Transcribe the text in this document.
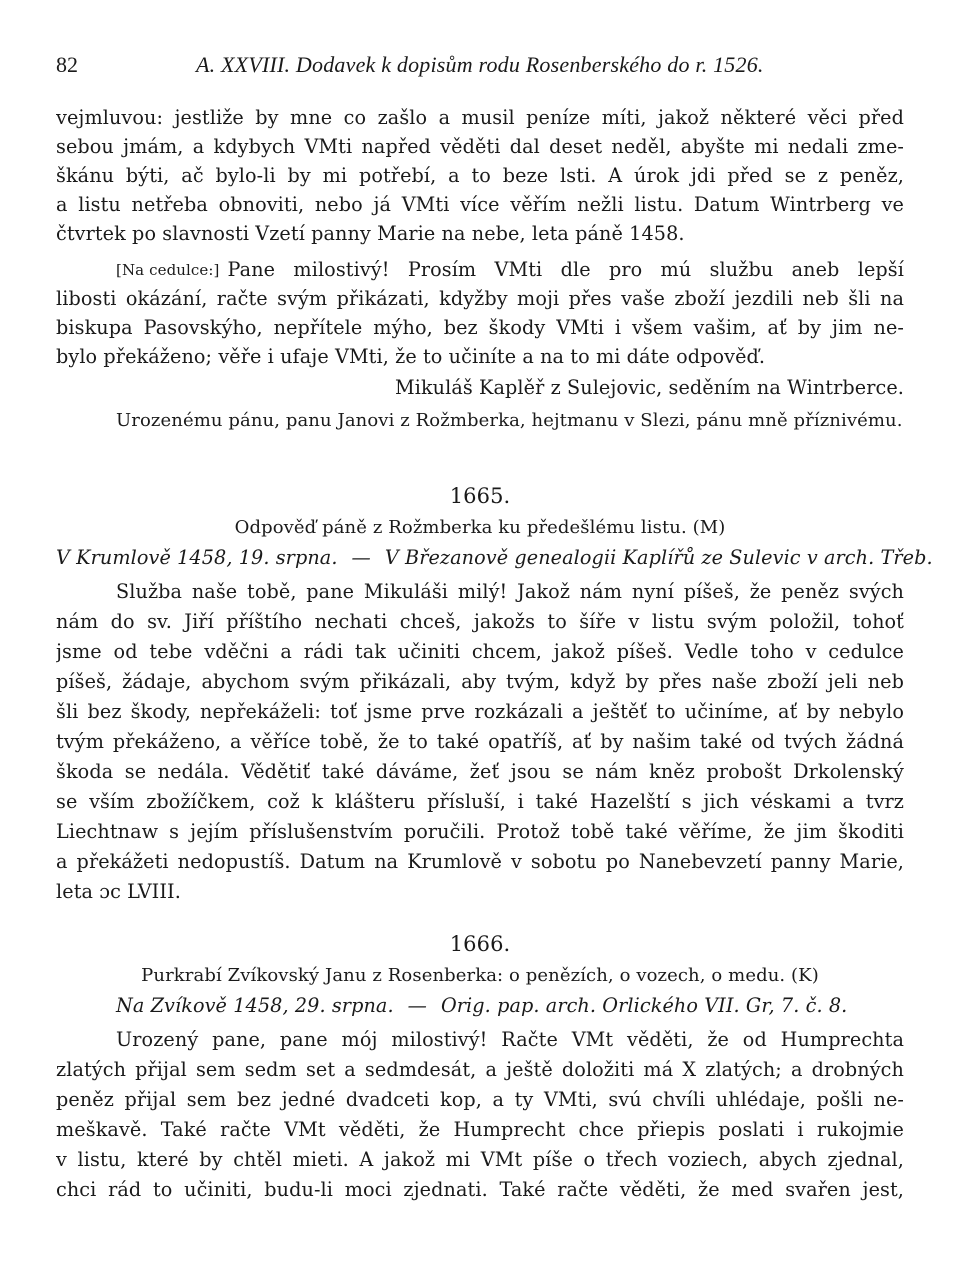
82	A. XXVIII. Dodavek k dopisům rodu Rosenberského do r. 1526.
vejmluvou: jestliže by mne co zašlo a musil peníze míti, jakož některé věci před
sebou jmám, a kdybych VMti napřed věděti dal deset neděl, abyšte mi nedali zme-
škánu býti, ač bylo-li by mi potřebí, a to beze lsti. A úrok jdi před se z peněz,
a listu netřeba obnoviti, nebo já VMti více věřím nežli listu. Datum Wintrberg ve
čtvrtek po slavnosti Vzetí panny Marie na nebe, leta páně 1458.
[Na cedulce:] Pane milostivý! Prosím VMti dle pro mú službu aneb lepší
libosti okázání, račte svým přikázati, kdyžby moji přes vaše zboží jezdili neb šli na
biskupa Pasovskýho, nepřítele mýho, bez škody VMti i všem vašim, ať by jim ne-
bylo překáženo; věře i ufaje VMti, že to učiníte a na to mi dáte odpověď.
Mikuláš Kaplěř z Sulejovic, seděním na Wintrberce.
Urozenému pánu, panu Janovi z Rožmberka, hejtmanu v Slezi, pánu mně příznivému.
1665.
Odpověď páně z Rožmberka ku předešlému listu. (M)
V Krumlově 1458, 19. srpna. — V Březanově genealogii Kaplířů ze Sulevic v arch. Třeb.
Služba naše tobě, pane Mikuláši milý! Jakož nám nyní píšeš, že peněz svých
nám do sv. Jiří příštího nechati chceš, jakožs to šíře v listu svým položil, tohoť
jsme od tebe vděčni a rádi tak učiniti chcem, jakož píšeš. Vedle toho v cedulce
píšeš, žádaje, abychom svým přikázali, aby tvým, když by přes naše zboží jeli neb
šli bez škody, nepřekáželi: toť jsme prve rozkázali a ještěť to učiníme, ať by nebylo
tvým překáženo, a věříce tobě, že to také opatříš, ať by našim také od tvých žádná
škoda se nedála. Vědětiť také dáváme, žeť jsou se nám kněz probošt Drkolenský
se vším zbožíčkem, což k klášteru přísluší, i také Hazelští s jich véskami a tvrz
Liechtnaw s jejím příslušenstvím poručili. Protož tobě také věříme, že jim škoditi
a překážeti nedopustíš. Datum na Krumlově v sobotu po Nanebevzetí panny Marie,
leta ɔc LVIII.
1666.
Purkrabí Zvíkovský Janu z Rosenberka: o penězích, o vozech, o medu. (K)
Na Zvíkově 1458, 29. srpna. — Orig. pap. arch. Orlického VII. Gr, 7. č. 8.
Urozený pane, pane mój milostivý! Račte VMt věděti, že od Humprechta
zlatých přijal sem sedm set a sedmdesát, a ještě doložiti má X zlatých; a drobných
peněz přijal sem bez jedné dvadceti kop, a ty VMti, svú chvíli uhlédaje, pošli ne-
meškavě. Také račte VMt věděti, že Humprecht chce přiepis poslati i rukojmie
v listu, které by chtěl mieti. A jakož mi VMt píše o třech voziech, abych zjednal,
chci rád to učiniti, budu-li moci zjednati. Také račte věděti, že med svařen jest,
